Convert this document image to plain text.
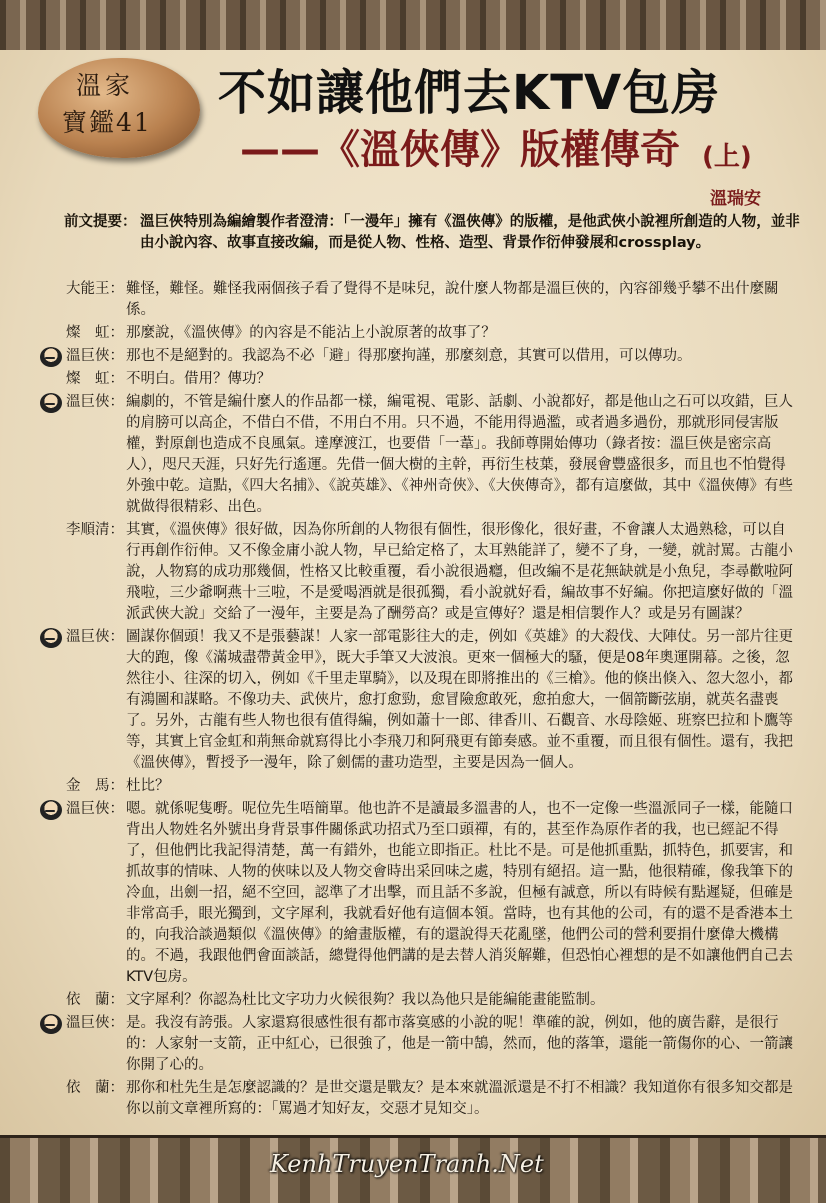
溫家
寶鑑41
不如讓他們去KTV包房
——《溫俠傳》版權傳奇 (上)
溫瑞安
前文提要： 溫巨俠特別為編繪製作者澄清：「一漫年」擁有《溫俠傳》的版權，是他武俠小說裡所創造的人物，並非由小說內容、故事直接改編，而是從人物、性格、造型、背景作衍伸發展和crossplay。
大能王： 難怪，難怪。難怪我兩個孩子看了覺得不是味兒，說什麼人物都是溫巨俠的，內容卻幾乎攀不出什麼關係。
燦　虹： 那麼說，《溫俠傳》的內容是不能沾上小說原著的故事了？
溫巨俠： 那也不是絕對的。我認為不必「避」得那麼拘謹，那麼刻意，其實可以借用，可以傳功。
燦　虹： 不明白。借用？傳功？
溫巨俠： 編劇的，不管是編什麼人的作品都一樣，編電視、電影、話劇、小說都好，都是他山之石可以攻錯，巨人的肩膀可以高企，不借白不借，不用白不用。只不過，不能用得過濫，或者過多過份，那就形同侵害版權，對原創也造成不良風氣。達摩渡江，也要借「一葦」。我師尊開始傳功（錄者按：溫巨俠是密宗高人），咫尺天涯，只好先行遙運。先借一個大樹的主幹，再衍生枝葉，發展會豐盛很多，而且也不怕覺得外強中乾。這點，《四大名捕》、《說英雄》、《神州奇俠》、《大俠傳奇》，都有這麼做，其中《溫俠傳》有些就做得很精彩、出色。
李順清： 其實，《溫俠傳》很好做，因為你所創的人物很有個性，很形像化，很好畫，不會讓人太過熟稔，可以自行再創作衍伸。又不像金庸小說人物，早已給定格了，太耳熟能詳了，變不了身，一變，就討罵。古龍小說，人物寫的成功那幾個，性格又比較重覆，看小說很過癮，但改編不是花無缺就是小魚兒，李尋歡啦阿飛啦，三少爺啊燕十三啦，不是愛喝酒就是很孤獨，看小說就好看，編故事不好編。你把這麼好做的「溫派武俠大說」交給了一漫年，主要是為了酬勞高？或是宣傳好？還是相信製作人？或是另有圖謀？
溫巨俠： 圖謀你個頭！我又不是張藝謀！人家一部電影往大的走，例如《英雄》的大殺伐、大陣仗。另一部片往更大的跑，像《滿城盡帶黃金甲》，既大手筆又大波浪。更來一個極大的騷，便是08年奧運開幕。之後，忽然往小、往深的切入，例如《千里走單騎》，以及現在即將推出的《三槍》。他的倏出倏入、忽大忽小，都有鴻圖和謀略。不像功夫、武俠片，愈打愈勁，愈冒險愈敢死，愈拍愈大，一個箭斷弦崩，就英名盡喪了。另外，古龍有些人物也很有值得編，例如蕭十一郎、律香川、石觀音、水母陰姬、班察巴拉和卜鷹等等，其實上官金虹和荊無命就寫得比小李飛刀和阿飛更有節奏感。並不重覆，而且很有個性。還有，我把《溫俠傳》，暫授予一漫年，除了劍儒的畫功造型，主要是因為一個人。
金　馬： 杜比？
溫巨俠： 嗯。就係呢隻嘢。呢位先生唔簡單。他也許不是讀最多溫書的人，也不一定像一些溫派同子一樣，能隨口背出人物姓名外號出身背景事件關係武功招式乃至口頭禪，有的，甚至作為原作者的我，也已經記不得了，但他們比我記得清楚，萬一有錯外，也能立即指正。杜比不是。可是他抓重點，抓特色，抓要害，和抓故事的情味、人物的俠味以及人物交會時出采回味之處，特別有絕招。這一點，他很精確，像我筆下的冷血，出劍一招，絕不空回，認準了才出擊，而且話不多說，但極有誠意，所以有時候有點遲疑，但確是非常高手，眼光獨到，文字犀利，我就看好他有這個本領。當時，也有其他的公司，有的還不是香港本土的，向我洽談過類似《溫俠傳》的繪畫版權，有的還說得天花亂墜，他們公司的營利要捐什麼偉大機構的。不過，我跟他們會面談話，總覺得他們講的是去替人消災解難，但恐怕心裡想的是不如讓他們自己去KTV包房。
依　蘭： 文字犀利？你認為杜比文字功力火候很夠？我以為他只是能編能畫能監制。
溫巨俠： 是。我沒有誇張。人家還寫很感性很有都市落寞感的小說的呢！準確的說，例如，他的廣告辭，是很行的：人家射一支箭，正中紅心，已很強了，他是一箭中鵠，然而，他的落筆，還能一箭傷你的心、一箭讓你開了心的。
依　蘭： 那你和杜先生是怎麼認識的？是世交還是戰友？是本來就溫派還是不打不相識？我知道你有很多知交都是你以前文章裡所寫的：「罵過才知好友，交惡才見知交」。
KenhTruyenTranh.Net
